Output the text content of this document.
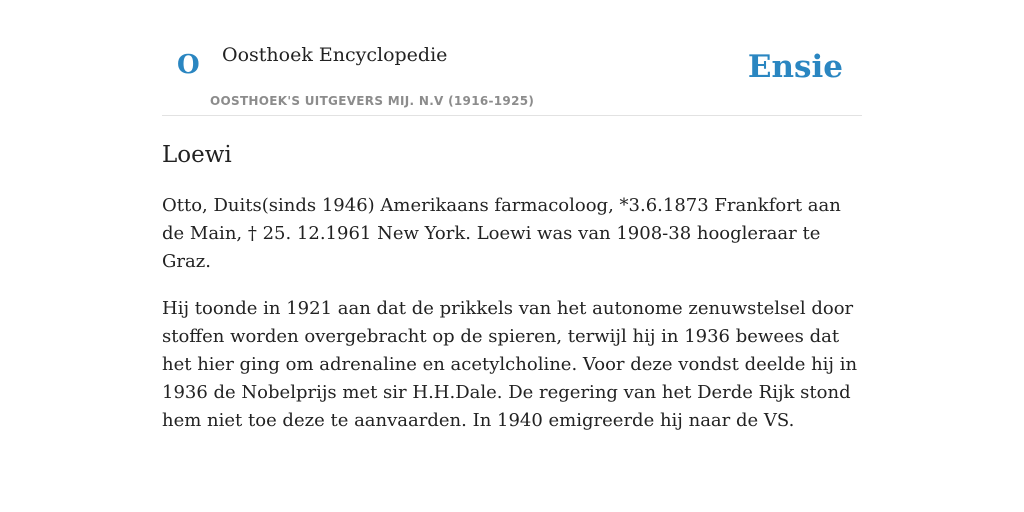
O Oosthoek Encyclopedie
OOSTHOEK'S UITGEVERS MIJ. N.V (1916-1925)
Ensie
Loewi

Otto, Duits(sinds 1946) Amerikaans farmacoloog, *3.6.1873 Frankfort aan de Main, † 25. 12.1961 New York. Loewi was van 1908-38 hoogleraar te Graz.

Hij toonde in 1921 aan dat de prikkels van het autonome zenuwstelsel door stoffen worden overgebracht op de spieren, terwijl hij in 1936 bewees dat het hier ging om adrenaline en acetylcholine. Voor deze vondst deelde hij in 1936 de Nobelprijs met sir H.H.Dale. De regering van het Derde Rijk stond hem niet toe deze te aanvaarden. In 1940 emigreerde hij naar de VS.
